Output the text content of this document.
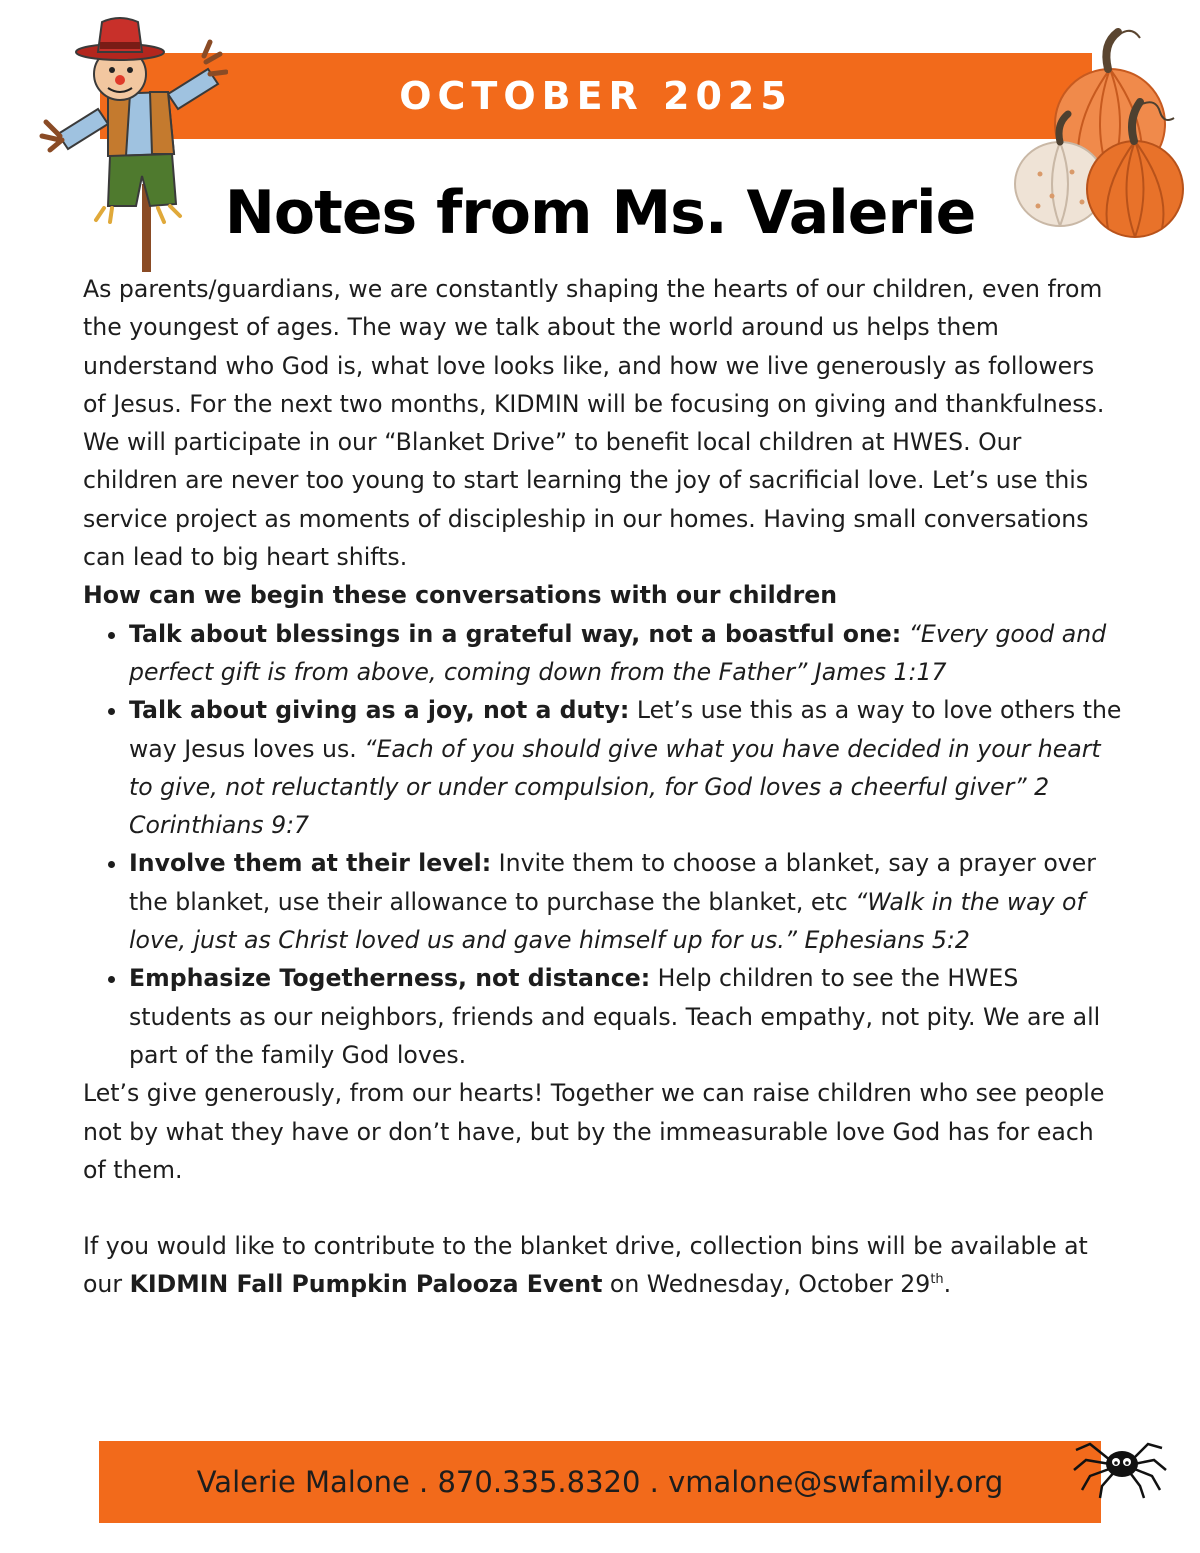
OCTOBER 2025
Notes from Ms. Valerie

As parents/guardians, we are constantly shaping the hearts of our children, even from the youngest of ages. The way we talk about the world around us helps them understand who God is, what love looks like, and how we live generously as followers of Jesus. For the next two months, KIDMIN will be focusing on giving and thankfulness. We will participate in our “Blanket Drive” to benefit local children at HWES. Our children are never too young to start learning the joy of sacrificial love. Let’s use this service project as moments of discipleship in our homes. Having small conversations can lead to big heart shifts.

How can we begin these conversations with our children

• Talk about blessings in a grateful way, not a boastful one: “Every good and perfect gift is from above, coming down from the Father” James 1:17
• Talk about giving as a joy, not a duty: Let’s use this as a way to love others the way Jesus loves us. “Each of you should give what you have decided in your heart to give, not reluctantly or under compulsion, for God loves a cheerful giver” 2 Corinthians 9:7
• Involve them at their level: Invite them to choose a blanket, say a prayer over the blanket, use their allowance to purchase the blanket, etc “Walk in the way of love, just as Christ loved us and gave himself up for us.” Ephesians 5:2
• Emphasize Togetherness, not distance: Help children to see the HWES students as our neighbors, friends and equals. Teach empathy, not pity. We are all part of the family God loves.

Let’s give generously, from our hearts! Together we can raise children who see people not by what they have or don’t have, but by the immeasurable love God has for each of them.

If you would like to contribute to the blanket drive, collection bins will be available at our KIDMIN Fall Pumpkin Palooza Event on Wednesday, October 29th.

Valerie Malone . 870.335.8320 . vmalone@swfamily.org
